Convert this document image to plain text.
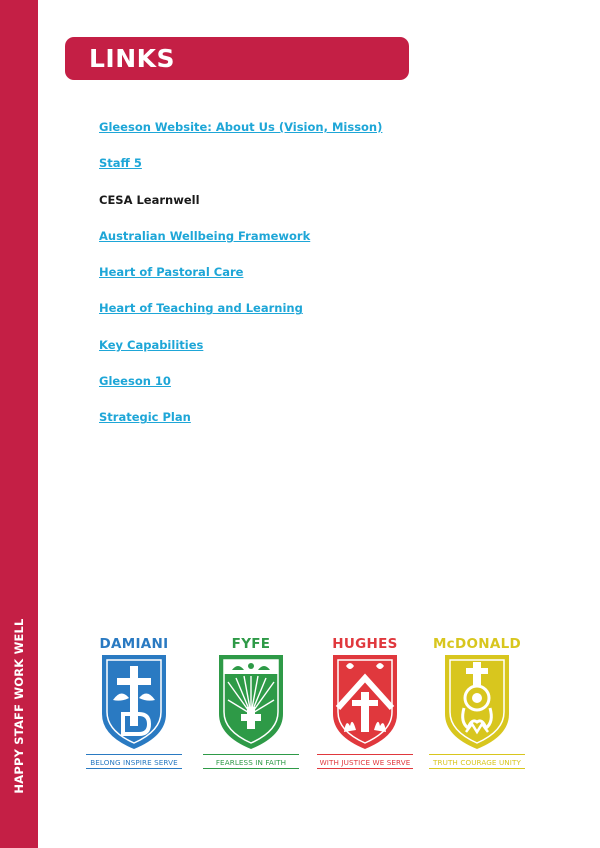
HAPPY STAFF WORK WELL
LINKS
Gleeson Website: About Us (Vision, Misson)
Staff 5
CESA Learnwell
Australian Wellbeing Framework
Heart of Pastoral Care
Heart of Teaching and Learning
Key Capabilities
Gleeson 10
Strategic Plan
DAMIANI
BELONG INSPIRE SERVE
FYFE
FEARLESS IN FAITH
HUGHES
WITH JUSTICE WE SERVE
McDONALD
TRUTH COURAGE UNITY
